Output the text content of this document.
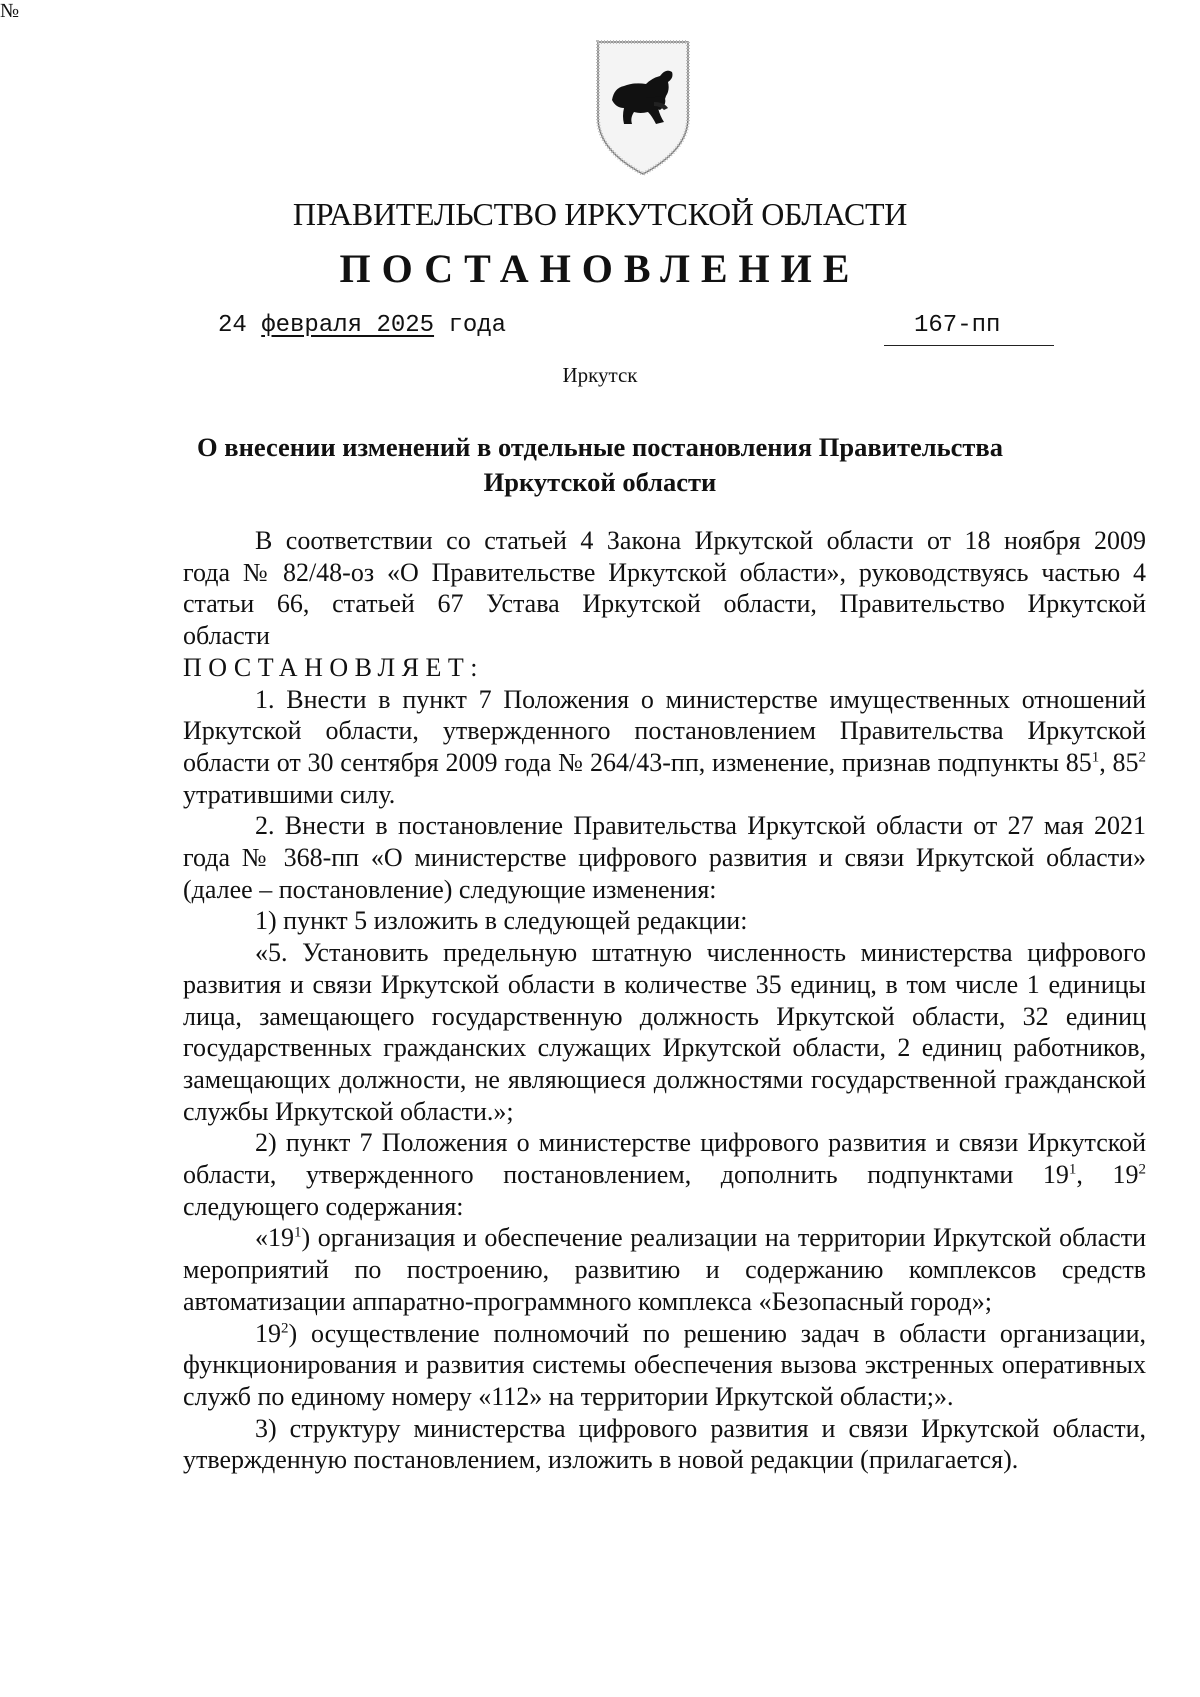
ПРАВИТЕЛЬСТВО ИРКУТСКОЙ ОБЛАСТИ
ПОСТАНОВЛЕНИЕ
24 февраля 2025 года
№
167-пп
Иркутск
О внесении изменений в отдельные постановления Правительства
Иркутской области

В соответствии со статьей 4 Закона Иркутской области от 18 ноября 2009 года № 82/48-оз «О Правительстве Иркутской области», руководствуясь частью 4 статьи 66, статьей 67 Устава Иркутской области, Правительство Иркутской области

ПОСТАНОВЛЯЕТ:

1. Внести в пункт 7 Положения о министерстве имущественных отношений Иркутской области, утвержденного постановлением Правительства Иркутской области от 30 сентября 2009 года № 264/43-пп, изменение, признав подпункты $85^1$, $85^2$ утратившими силу.

2. Внести в постановление Правительства Иркутской области от 27 мая 2021 года № 368-пп «О министерстве цифрового развития и связи Иркутской области» (далее – постановление) следующие изменения:

1) пункт 5 изложить в следующей редакции:

«5. Установить предельную штатную численность министерства цифрового развития и связи Иркутской области в количестве 35 единиц, в том числе 1 единицы лица, замещающего государственную должность Иркутской области, 32 единиц государственных гражданских служащих Иркутской области, 2 единиц работников, замещающих должности, не являющиеся должностями государственной гражданской службы Иркутской области.»;

2) пункт 7 Положения о министерстве цифрового развития и связи Иркутской области, утвержденного постановлением, дополнить подпунктами $19^1$, $19^2$ следующего содержания:

«$19^1$) организация и обеспечение реализации на территории Иркутской области мероприятий по построению, развитию и содержанию комплексов средств автоматизации аппаратно-программного комплекса «Безопасный город»;

$19^2$) осуществление полномочий по решению задач в области организации, функционирования и развития системы обеспечения вызова экстренных оперативных служб по единому номеру «112» на территории Иркутской области;».

3) структуру министерства цифрового развития и связи Иркутской области, утвержденную постановлением, изложить в новой редакции (прилагается).
